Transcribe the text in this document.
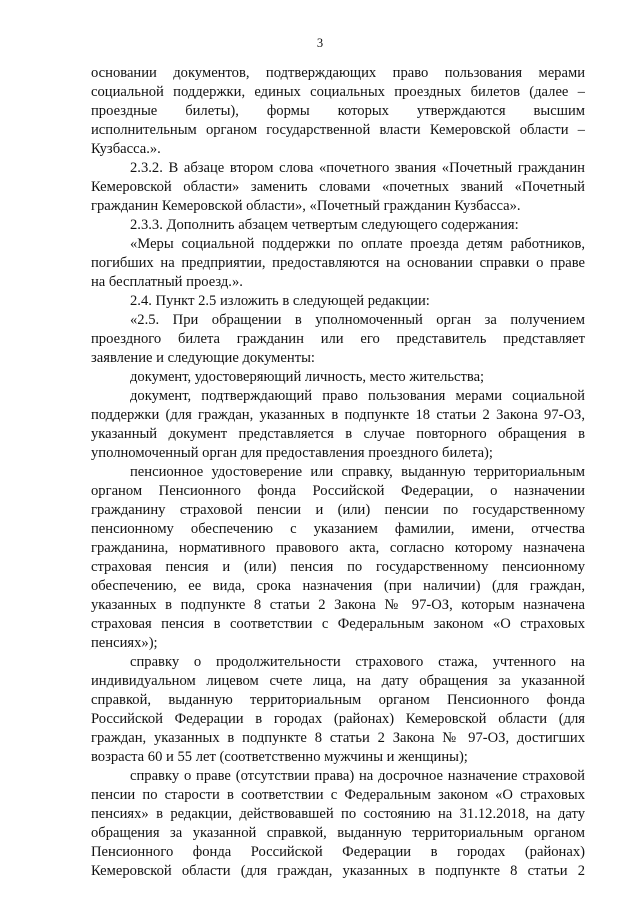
3
основании документов, подтверждающих право пользования мерами
социальной поддержки, единых социальных проездных билетов (далее –
проездные билеты), формы которых утверждаются высшим
исполнительным органом государственной власти Кемеровской области –
Кузбасса.».
2.3.2. В абзаце втором слова «почетного звания «Почетный гражданин
Кемеровской области» заменить словами «почетных званий «Почетный
гражданин Кемеровской области», «Почетный гражданин Кузбасса».
2.3.3. Дополнить абзацем четвертым следующего содержания:
«Меры социальной поддержки по оплате проезда детям работников,
погибших на предприятии, предоставляются на основании справки о праве
на бесплатный проезд.».
2.4. Пункт 2.5 изложить в следующей редакции:
«2.5. При обращении в уполномоченный орган за получением
проездного билета гражданин или его представитель представляет
заявление и следующие документы:
документ, удостоверяющий личность, место жительства;
документ, подтверждающий право пользования мерами социальной
поддержки (для граждан, указанных в подпункте 18 статьи 2 Закона 97-ОЗ,
указанный документ представляется в случае повторного обращения в
уполномоченный орган для предоставления проездного билета);
пенсионное удостоверение или справку, выданную территориальным
органом Пенсионного фонда Российской Федерации, о назначении
гражданину страховой пенсии и (или) пенсии по государственному
пенсионному обеспечению с указанием фамилии, имени, отчества
гражданина, нормативного правового акта, согласно которому назначена
страховая пенсия и (или) пенсия по государственному пенсионному
обеспечению, ее вида, срока назначения (при наличии) (для граждан,
указанных в подпункте 8 статьи 2 Закона № 97-ОЗ, которым назначена
страховая пенсия в соответствии с Федеральным законом «О страховых
пенсиях»);
справку о продолжительности страхового стажа, учтенного на
индивидуальном лицевом счете лица, на дату обращения за указанной
справкой, выданную территориальным органом Пенсионного фонда
Российской Федерации в городах (районах) Кемеровской области (для
граждан, указанных в подпункте 8 статьи 2 Закона № 97-ОЗ, достигших
возраста 60 и 55 лет (соответственно мужчины и женщины);
справку о праве (отсутствии права) на досрочное назначение страховой
пенсии по старости в соответствии с Федеральным законом «О страховых
пенсиях» в редакции, действовавшей по состоянию на 31.12.2018, на дату
обращения за указанной справкой, выданную территориальным органом
Пенсионного фонда Российской Федерации в городах (районах)
Кемеровской области (для граждан, указанных в подпункте 8 статьи 2
